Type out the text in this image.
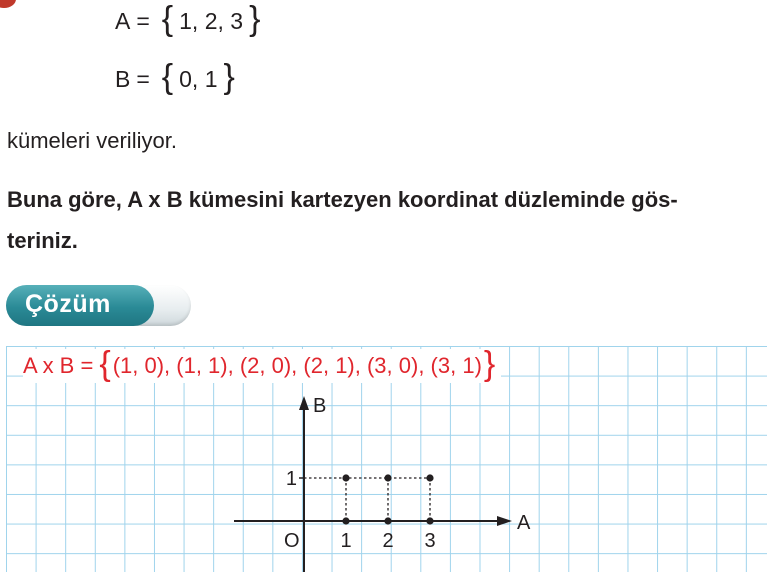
A = { 1, 2, 3 }
B = { 0, 1 }
kümeleri veriliyor.
Buna göre, A x B kümesini kartezyen koordinat düzleminde gös-
teriniz.
Çözüm
A x B = { (1, 0), (1, 1), (2, 0), (2, 1), (3, 0), (3, 1) }
A
B
O 1 2 3
1
